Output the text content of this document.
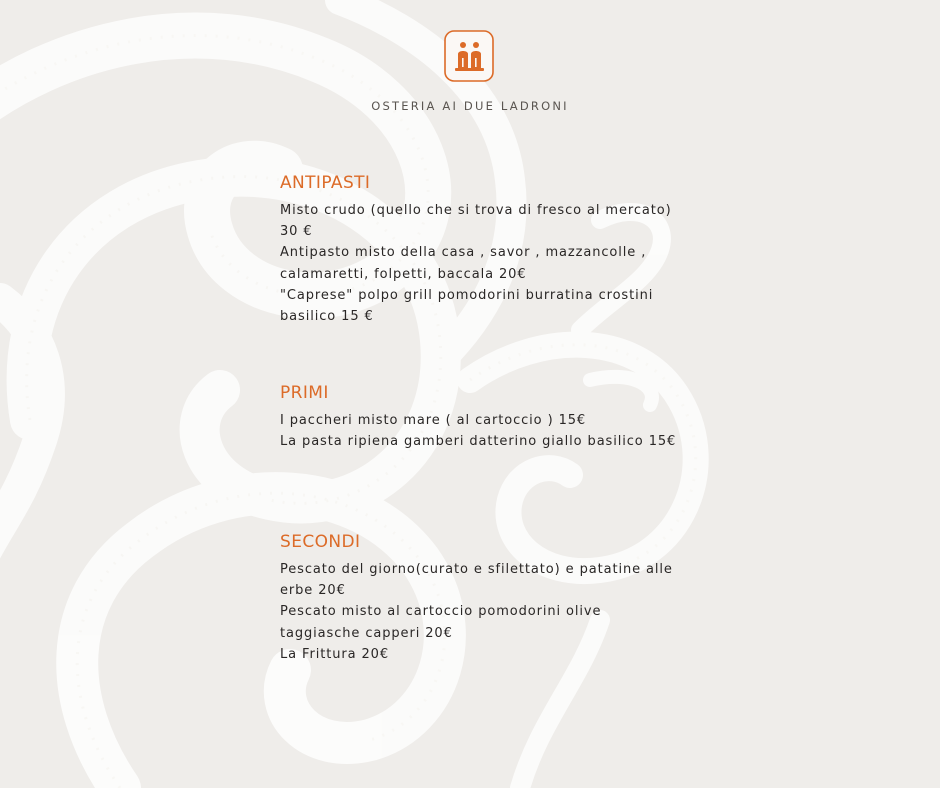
OSTERIA AI DUE LADRONI
ANTIPASTI

Misto crudo (quello che si trova di fresco al mercato) 30 €

Antipasto misto della casa , savor , mazzancolle , calamaretti, folpetti, baccala 20€

"Caprese" polpo grill pomodorini burratina crostini basilico 15 €

PRIMI

I paccheri misto mare ( al cartoccio ) 15€

La pasta ripiena gamberi datterino giallo basilico 15€

SECONDI

Pescato del giorno(curato e sfilettato) e patatine alle erbe 20€

Pescato misto al cartoccio pomodorini olive taggiasche capperi 20€

La Frittura 20€
